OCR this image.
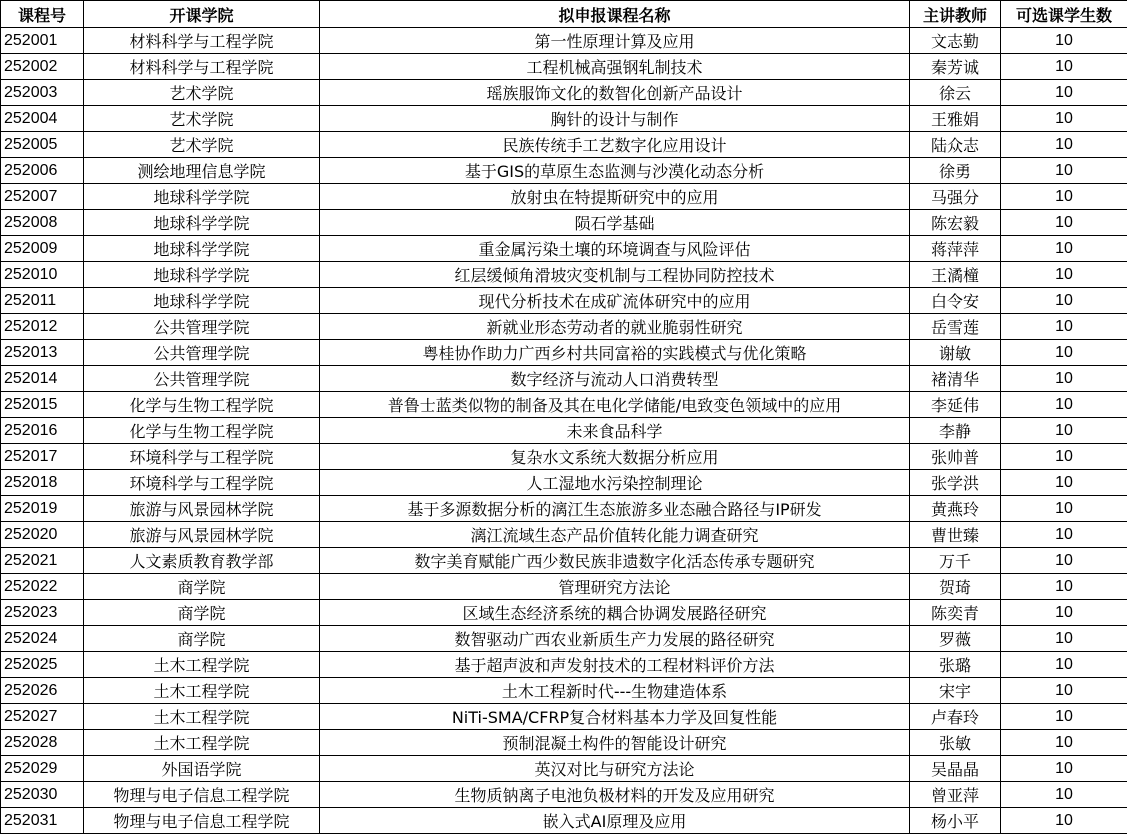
课程号	开课学院	拟申报课程名称	主讲教师	可选课学生数
252001	材料科学与工程学院	第一性原理计算及应用	文志勤	10
252002	材料科学与工程学院	工程机械高强钢轧制技术	秦芳诚	10
252003	艺术学院	瑶族服饰文化的数智化创新产品设计	徐云	10
252004	艺术学院	胸针的设计与制作	王雅娟	10
252005	艺术学院	民族传统手工艺数字化应用设计	陆众志	10
252006	测绘地理信息学院	基于GIS的草原生态监测与沙漠化动态分析	徐勇	10
252007	地球科学学院	放射虫在特提斯研究中的应用	马强分	10
252008	地球科学学院	陨石学基础	陈宏毅	10
252009	地球科学学院	重金属污染土壤的环境调查与风险评估	蒋萍萍	10
252010	地球科学学院	红层缓倾角滑坡灾变机制与工程协同防控技术	王潏橦	10
252011	地球科学学院	现代分析技术在成矿流体研究中的应用	白令安	10
252012	公共管理学院	新就业形态劳动者的就业脆弱性研究	岳雪莲	10
252013	公共管理学院	粤桂协作助力广西乡村共同富裕的实践模式与优化策略	谢敏	10
252014	公共管理学院	数字经济与流动人口消费转型	褚清华	10
252015	化学与生物工程学院	普鲁士蓝类似物的制备及其在电化学储能/电致变色领域中的应用	李延伟	10
252016	化学与生物工程学院	未来食品科学	李静	10
252017	环境科学与工程学院	复杂水文系统大数据分析应用	张帅普	10
252018	环境科学与工程学院	人工湿地水污染控制理论	张学洪	10
252019	旅游与风景园林学院	基于多源数据分析的漓江生态旅游多业态融合路径与IP研发	黄燕玲	10
252020	旅游与风景园林学院	漓江流域生态产品价值转化能力调查研究	曹世臻	10
252021	人文素质教育教学部	数字美育赋能广西少数民族非遗数字化活态传承专题研究	万千	10
252022	商学院	管理研究方法论	贺琦	10
252023	商学院	区域生态经济系统的耦合协调发展路径研究	陈奕青	10
252024	商学院	数智驱动广西农业新质生产力发展的路径研究	罗薇	10
252025	土木工程学院	基于超声波和声发射技术的工程材料评价方法	张璐	10
252026	土木工程学院	土木工程新时代---生物建造体系	宋宇	10
252027	土木工程学院	NiTi-SMA/CFRP复合材料基本力学及回复性能	卢春玲	10
252028	土木工程学院	预制混凝土构件的智能设计研究	张敏	10
252029	外国语学院	英汉对比与研究方法论	吴晶晶	10
252030	物理与电子信息工程学院	生物质钠离子电池负极材料的开发及应用研究	曾亚萍	10
252031	物理与电子信息工程学院	嵌入式AI原理及应用	杨小平	10
